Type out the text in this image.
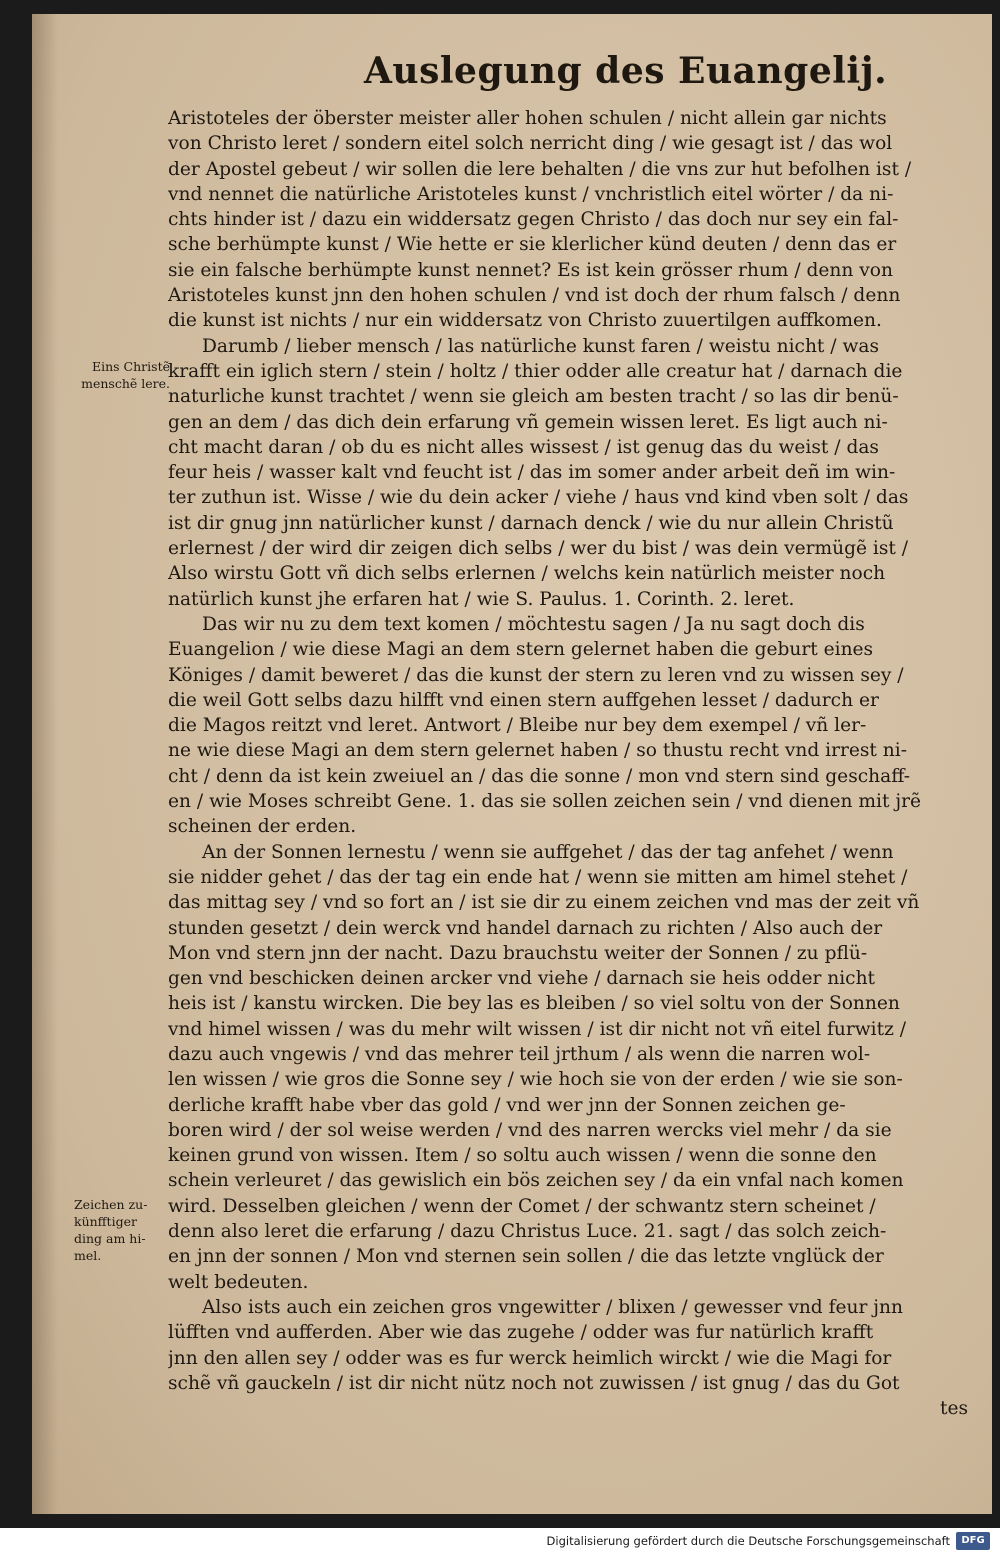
Auslegung des Euangelij.
Aristoteles der öberster meister aller hohen schulen / nicht allein gar nichts
von Christo leret / sondern eitel solch nerricht ding / wie gesagt ist / das wol
der Apostel gebeut / wir sollen die lere behalten / die vns zur hut befolhen ist /
vnd nennet die natürliche Aristoteles kunst / vnchristlich eitel wörter / da ni-
chts hinder ist / dazu ein widdersatz gegen Christo / das doch nur sey ein fal-
sche berhümpte kunst / Wie hette er sie klerlicher künd deuten / denn das er
sie ein falsche berhümpte kunst nennet? Es ist kein grösser rhum / denn von
Aristoteles kunst jnn den hohen schulen / vnd ist doch der rhum falsch / denn
die kunst ist nichts / nur ein widdersatz von Christo zuuertilgen auffkomen.
Darumb / lieber mensch / las natürliche kunst faren / weistu nicht / was
krafft ein iglich stern / stein / holtz / thier odder alle creatur hat / darnach die
naturliche kunst trachtet / wenn sie gleich am besten tracht / so las dir benü-
gen an dem / das dich dein erfarung vñ gemein wissen leret. Es ligt auch ni-
cht macht daran / ob du es nicht alles wissest / ist genug das du weist / das
feur heis / wasser kalt vnd feucht ist / das im somer ander arbeit deñ im win-
ter zuthun ist. Wisse / wie du dein acker / viehe / haus vnd kind vben solt / das
ist dir gnug jnn natürlicher kunst / darnach denck / wie du nur allein Christũ
erlernest / der wird dir zeigen dich selbs / wer du bist / was dein vermügẽ ist /
Also wirstu Gott vñ dich selbs erlernen / welchs kein natürlich meister noch
natürlich kunst jhe erfaren hat / wie S. Paulus. 1. Corinth. 2. leret.
Das wir nu zu dem text komen / möchtestu sagen / Ja nu sagt doch dis
Euangelion / wie diese Magi an dem stern gelernet haben die geburt eines
Königes / damit beweret / das die kunst der stern zu leren vnd zu wissen sey /
die weil Gott selbs dazu hilfft vnd einen stern auffgehen lesset / dadurch er
die Magos reitzt vnd leret. Antwort / Bleibe nur bey dem exempel / vñ ler-
ne wie diese Magi an dem stern gelernet haben / so thustu recht vnd irrest ni-
cht / denn da ist kein zweiuel an / das die sonne / mon vnd stern sind geschaff-
en / wie Moses schreibt Gene. 1. das sie sollen zeichen sein / vnd dienen mit jrẽ
scheinen der erden.
An der Sonnen lernestu / wenn sie auffgehet / das der tag anfehet / wenn
sie nidder gehet / das der tag ein ende hat / wenn sie mitten am himel stehet /
das mittag sey / vnd so fort an / ist sie dir zu einem zeichen vnd mas der zeit vñ
stunden gesetzt / dein werck vnd handel darnach zu richten / Also auch der
Mon vnd stern jnn der nacht. Dazu brauchstu weiter der Sonnen / zu pflü-
gen vnd beschicken deinen arcker vnd viehe / darnach sie heis odder nicht
heis ist / kanstu wircken. Die bey las es bleiben / so viel soltu von der Sonnen
vnd himel wissen / was du mehr wilt wissen / ist dir nicht not vñ eitel furwitz /
dazu auch vngewis / vnd das mehrer teil jrthum / als wenn die narren wol-
len wissen / wie gros die Sonne sey / wie hoch sie von der erden / wie sie son-
derliche krafft habe vber das gold / vnd wer jnn der Sonnen zeichen ge-
boren wird / der sol weise werden / vnd des narren wercks viel mehr / da sie
keinen grund von wissen. Item / so soltu auch wissen / wenn die sonne den
schein verleuret / das gewislich ein bös zeichen sey / da ein vnfal nach komen
wird. Desselben gleichen / wenn der Comet / der schwantz stern scheinet /
denn also leret die erfarung / dazu Christus Luce. 21. sagt / das solch zeich-
en jnn der sonnen / Mon vnd sternen sein sollen / die das letzte vnglück der
welt bedeuten.
Also ists auch ein zeichen gros vngewitter / blixen / gewesser vnd feur jnn
lüfften vnd aufferden. Aber wie das zugehe / odder was fur natürlich krafft
jnn den allen sey / odder was es fur werck heimlich wirckt / wie die Magi for
schẽ vñ gauckeln / ist dir nicht nütz noch not zuwissen / ist gnug / das du Got
tes
Eins Christẽ
menschẽ lere.
Zeichen zu-
künfftiger
ding am hi-
mel.
Digitalisierung gefördert durch die Deutsche Forschungsgemeinschaft	DFG
